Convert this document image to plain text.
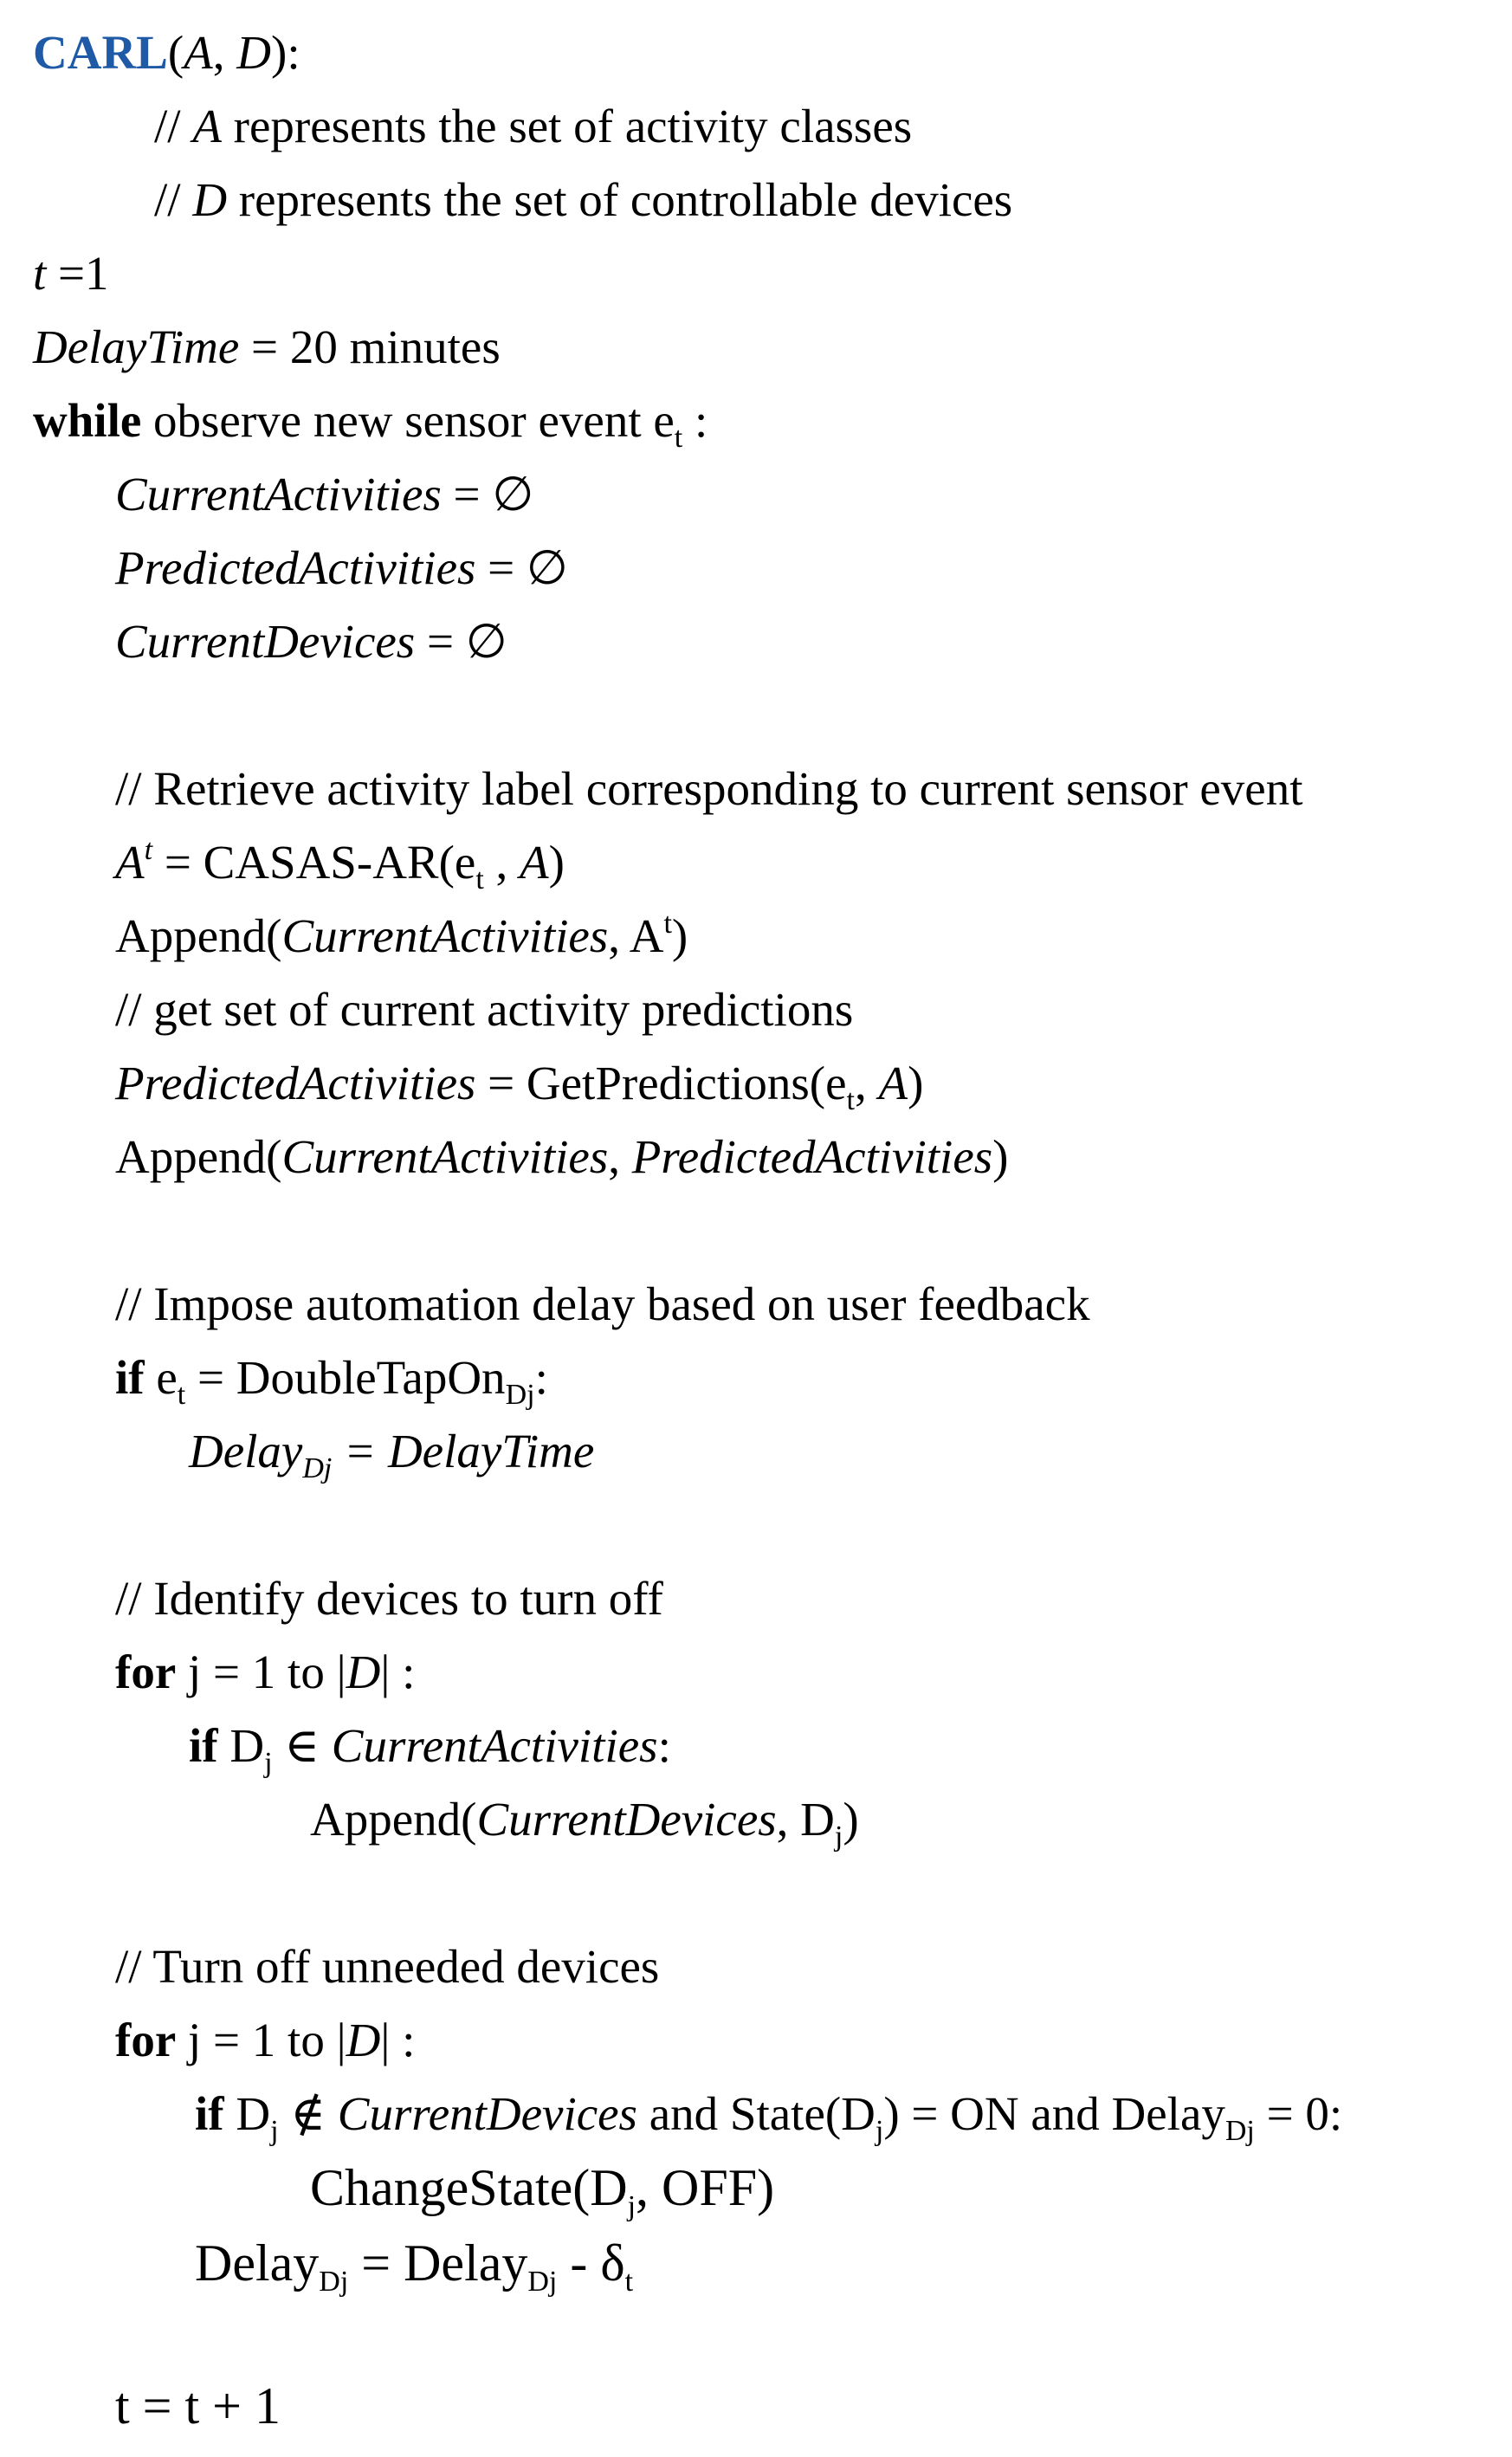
CARL(A, D):
// A represents the set of activity classes
// D represents the set of controllable devices
t =1
DelayTime = 20 minutes
while observe new sensor event $e_t$ :
CurrentActivities = ∅
PredictedActivities = ∅
CurrentDevices = ∅
// Retrieve activity label corresponding to current sensor event
$A^t$ = CASAS-$AR(e_t$ , A)
Append(CurrentActivities, $A^t$)
// get set of current activity predictions
PredictedActivities = $GetPredictions(e_t$, A)
Append(CurrentActivities, PredictedActivities)
// Impose automation delay based on user feedback
if $e_t$ = DoubleTapOn$_{Dj}$:
Delay$_{Dj}$ = DelayTime
// Identify devices to turn off
for j = 1 to |D| :
if $D_j$ ∈ CurrentActivities:
Append(CurrentDevices, $D_j$)
// Turn off unneeded devices
for j = 1 to |D| :
if $D_j$ ∉ CurrentDevices and $State(D_j)$ = ON and Delay$_{Dj}$ = 0:
$ChangeState(D_j$, OFF)
Delay$_{Dj}$ = Delay$_{Dj}$ - $\delta_t$
t = t + 1
